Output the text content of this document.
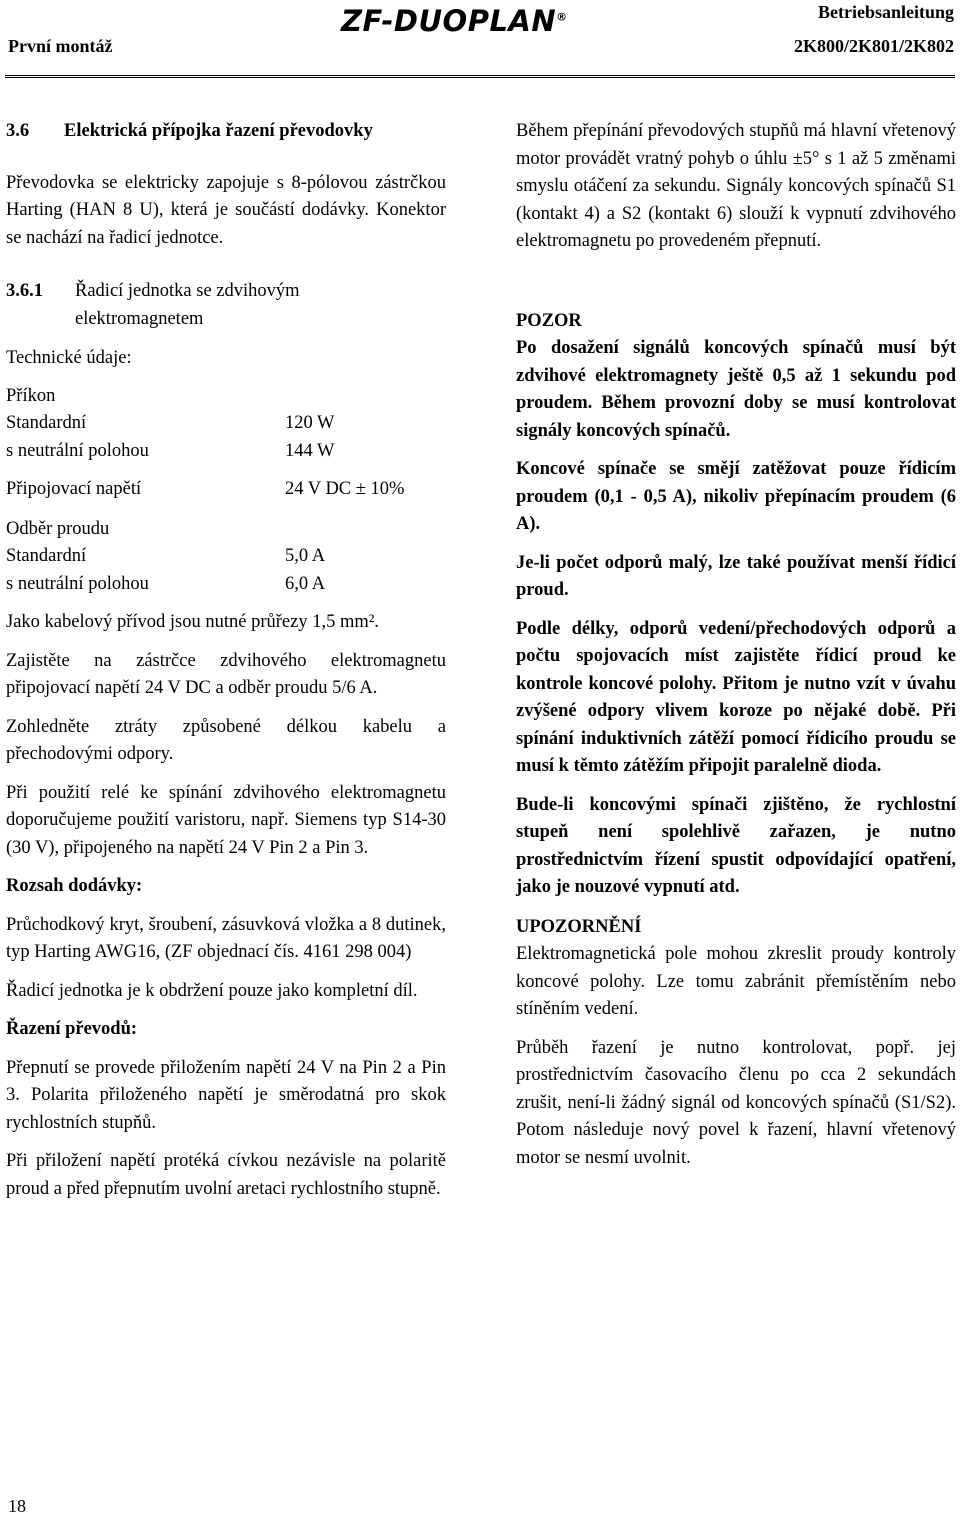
První montáž
ZF-DUOPLAN®	Betriebsanleitung
2K800/2K801/2K802
3.6	Elektrická přípojka řazení převodovky

Převodovka se elektricky zapojuje s 8-pólovou zástrčkou Harting (HAN 8 U), která je součástí dodávky. Konektor se nachází na řadicí jednotce.

3.6.1	Řadicí jednotka se zdvihovým
elektromagnetem

Technické údaje:

Příkon

Standardní	120 W
s neutrální polohou	144 W
Připojovací napětí	24 V DC ± 10%

Odběr proudu

Standardní	5,0 A
s neutrální polohou	6,0 A

Jako kabelový přívod jsou nutné průřezy 1,5 mm².

Zajistěte na zástrčce zdvihového elektromagnetu připojovací napětí 24 V DC a odběr proudu 5/6 A.

Zohledněte ztráty způsobené délkou kabelu a přechodovými odpory.

Při použití relé ke spínání zdvihového elektromagnetu doporučujeme použití varistoru, např. Siemens typ S14-30 (30 V), připojeného na napětí 24 V Pin 2 a Pin 3.

Rozsah dodávky:

Průchodkový kryt, šroubení, zásuvková vložka a 8 dutinek, typ Harting AWG16, (ZF objednací čís. 4161 298 004)

Řadicí jednotka je k obdržení pouze jako kompletní díl.

Řazení převodů:

Přepnutí se provede přiložením napětí 24 V na Pin 2 a Pin 3. Polarita přiloženého napětí je směrodatná pro skok rychlostních stupňů.

Při přiložení napětí protéká cívkou nezávisle na polaritě proud a před přepnutím uvolní aretaci rychlostního stupně.

Během přepínání převodových stupňů má hlavní vřetenový motor provádět vratný pohyb o úhlu ±5° s 1 až 5 změnami smyslu otáčení za sekundu. Signály koncových spínačů S1 (kontakt 4) a S2 (kontakt 6) slouží k vypnutí zdvihového elektromagnetu po provedeném přepnutí.

POZOR

Po dosažení signálů koncových spínačů musí být zdvihové elektromagnety ještě 0,5 až 1 sekundu pod proudem. Během provozní doby se musí kontrolovat signály koncových spínačů.

Koncové spínače se smějí zatěžovat pouze řídicím proudem (0,1 - 0,5 A), nikoliv přepínacím proudem (6 A).

Je-li počet odporů malý, lze také používat menší řídicí proud.

Podle délky, odporů vedení/přechodových odporů a počtu spojovacích míst zajistěte řídicí proud ke kontrole koncové polohy. Přitom je nutno vzít v úvahu zvýšené odpory vlivem koroze po nějaké době. Při spínání induktivních zátěží pomocí řídicího proudu se musí k těmto zátěžím připojit paralelně dioda.

Bude-li koncovými spínači zjištěno, že rychlostní stupeň není spolehlivě zařazen, je nutno prostřednictvím řízení spustit odpovídající opatření, jako je nouzové vypnutí atd.

UPOZORNĚNÍ

Elektromagnetická pole mohou zkreslit proudy kontroly koncové polohy. Lze tomu zabránit přemístěním nebo stíněním vedení.

Průběh řazení je nutno kontrolovat, popř. jej prostřednictvím časovacího členu po cca 2 sekundách zrušit, není-li žádný signál od koncových spínačů (S1/S2). Potom následuje nový povel k řazení, hlavní vřetenový motor se nesmí uvolnit.

18
